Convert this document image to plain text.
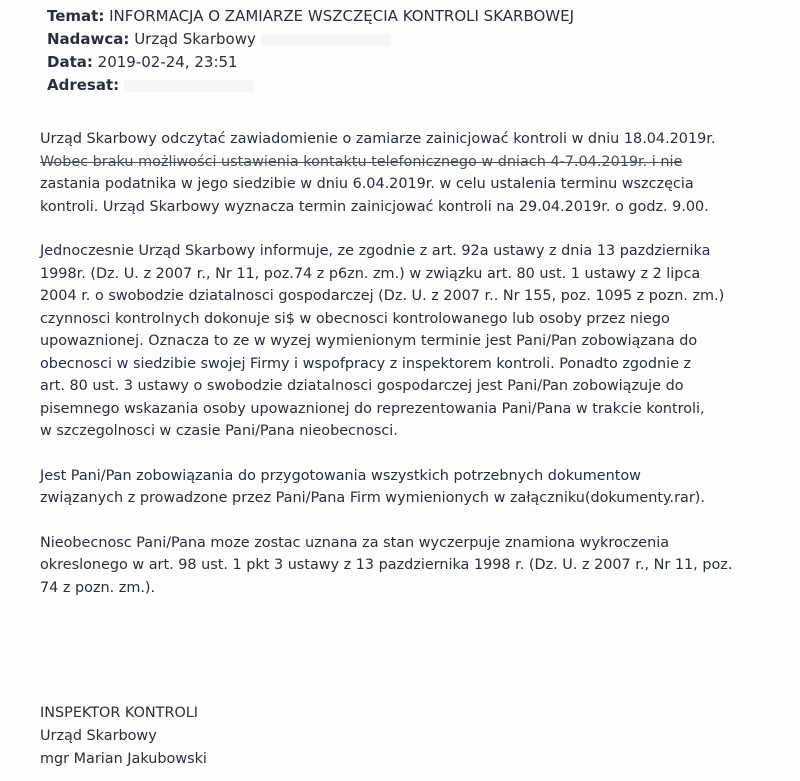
Temat: INFORMACJA O ZAMIARZE WSZCZĘCIA KONTROLI SKARBOWEJ
Nadawca: Urząd Skarbowy
Data: 2019-02-24, 23:51
Adresat:
Urząd Skarbowy odczytać zawiadomienie o zamiarze zainicjować kontroli w dniu 18.04.2019r.
Wobec braku możliwości ustawienia kontaktu telefonicznego w dniach 4-7.04.2019r. i nie
zastania podatnika w jego siedzibie w dniu 6.04.2019r. w celu ustalenia terminu wszczęcia
kontroli. Urząd Skarbowy wyznacza termin zainicjować kontroli na 29.04.2019r. o godz. 9.00.
Jednoczesnie Urząd Skarbowy informuje, ze zgodnie z art. 92a ustawy z dnia 13 pazdziernika
1998r. (Dz. U. z 2007 r., Nr 11, poz.74 z p6zn. zm.) w związku art. 80 ust. 1 ustawy z 2 lipca
2004 r. o swobodzie dziatalnosci gospodarczej (Dz. U. z 2007 r.. Nr 155, poz. 1095 z pozn. zm.)
czynnosci kontrolnych dokonuje si$ w obecnosci kontrolowanego lub osoby przez niego
upowaznionej. Oznacza to ze w wyzej wymienionym terminie jest Pani/Pan zobowiązana do
obecnosci w siedzibie swojej Firmy i wspofpracy z inspektorem kontroli. Ponadto zgodnie z
art. 80 ust. 3 ustawy o swobodzie dziatalnosci gospodarczej jest Pani/Pan zobowiązuje do
pisemnego wskazania osoby upowaznionej do reprezentowania Pani/Pana w trakcie kontroli,
w szczegolnosci w czasie Pani/Pana nieobecnosci.
Jest Pani/Pan zobowiązania do przygotowania wszystkich potrzebnych dokumentow
związanych z prowadzone przez Pani/Pana Firm wymienionych w załączniku(dokumenty.rar).
Nieobecnosc Pani/Pana moze zostac uznana za stan wyczerpuje znamiona wykroczenia
okreslonego w art. 98 ust. 1 pkt 3 ustawy z 13 pazdziernika 1998 r. (Dz. U. z 2007 r., Nr 11, poz.
74 z pozn. zm.).
INSPEKTOR KONTROLI
Urząd Skarbowy
mgr Marian Jakubowski
